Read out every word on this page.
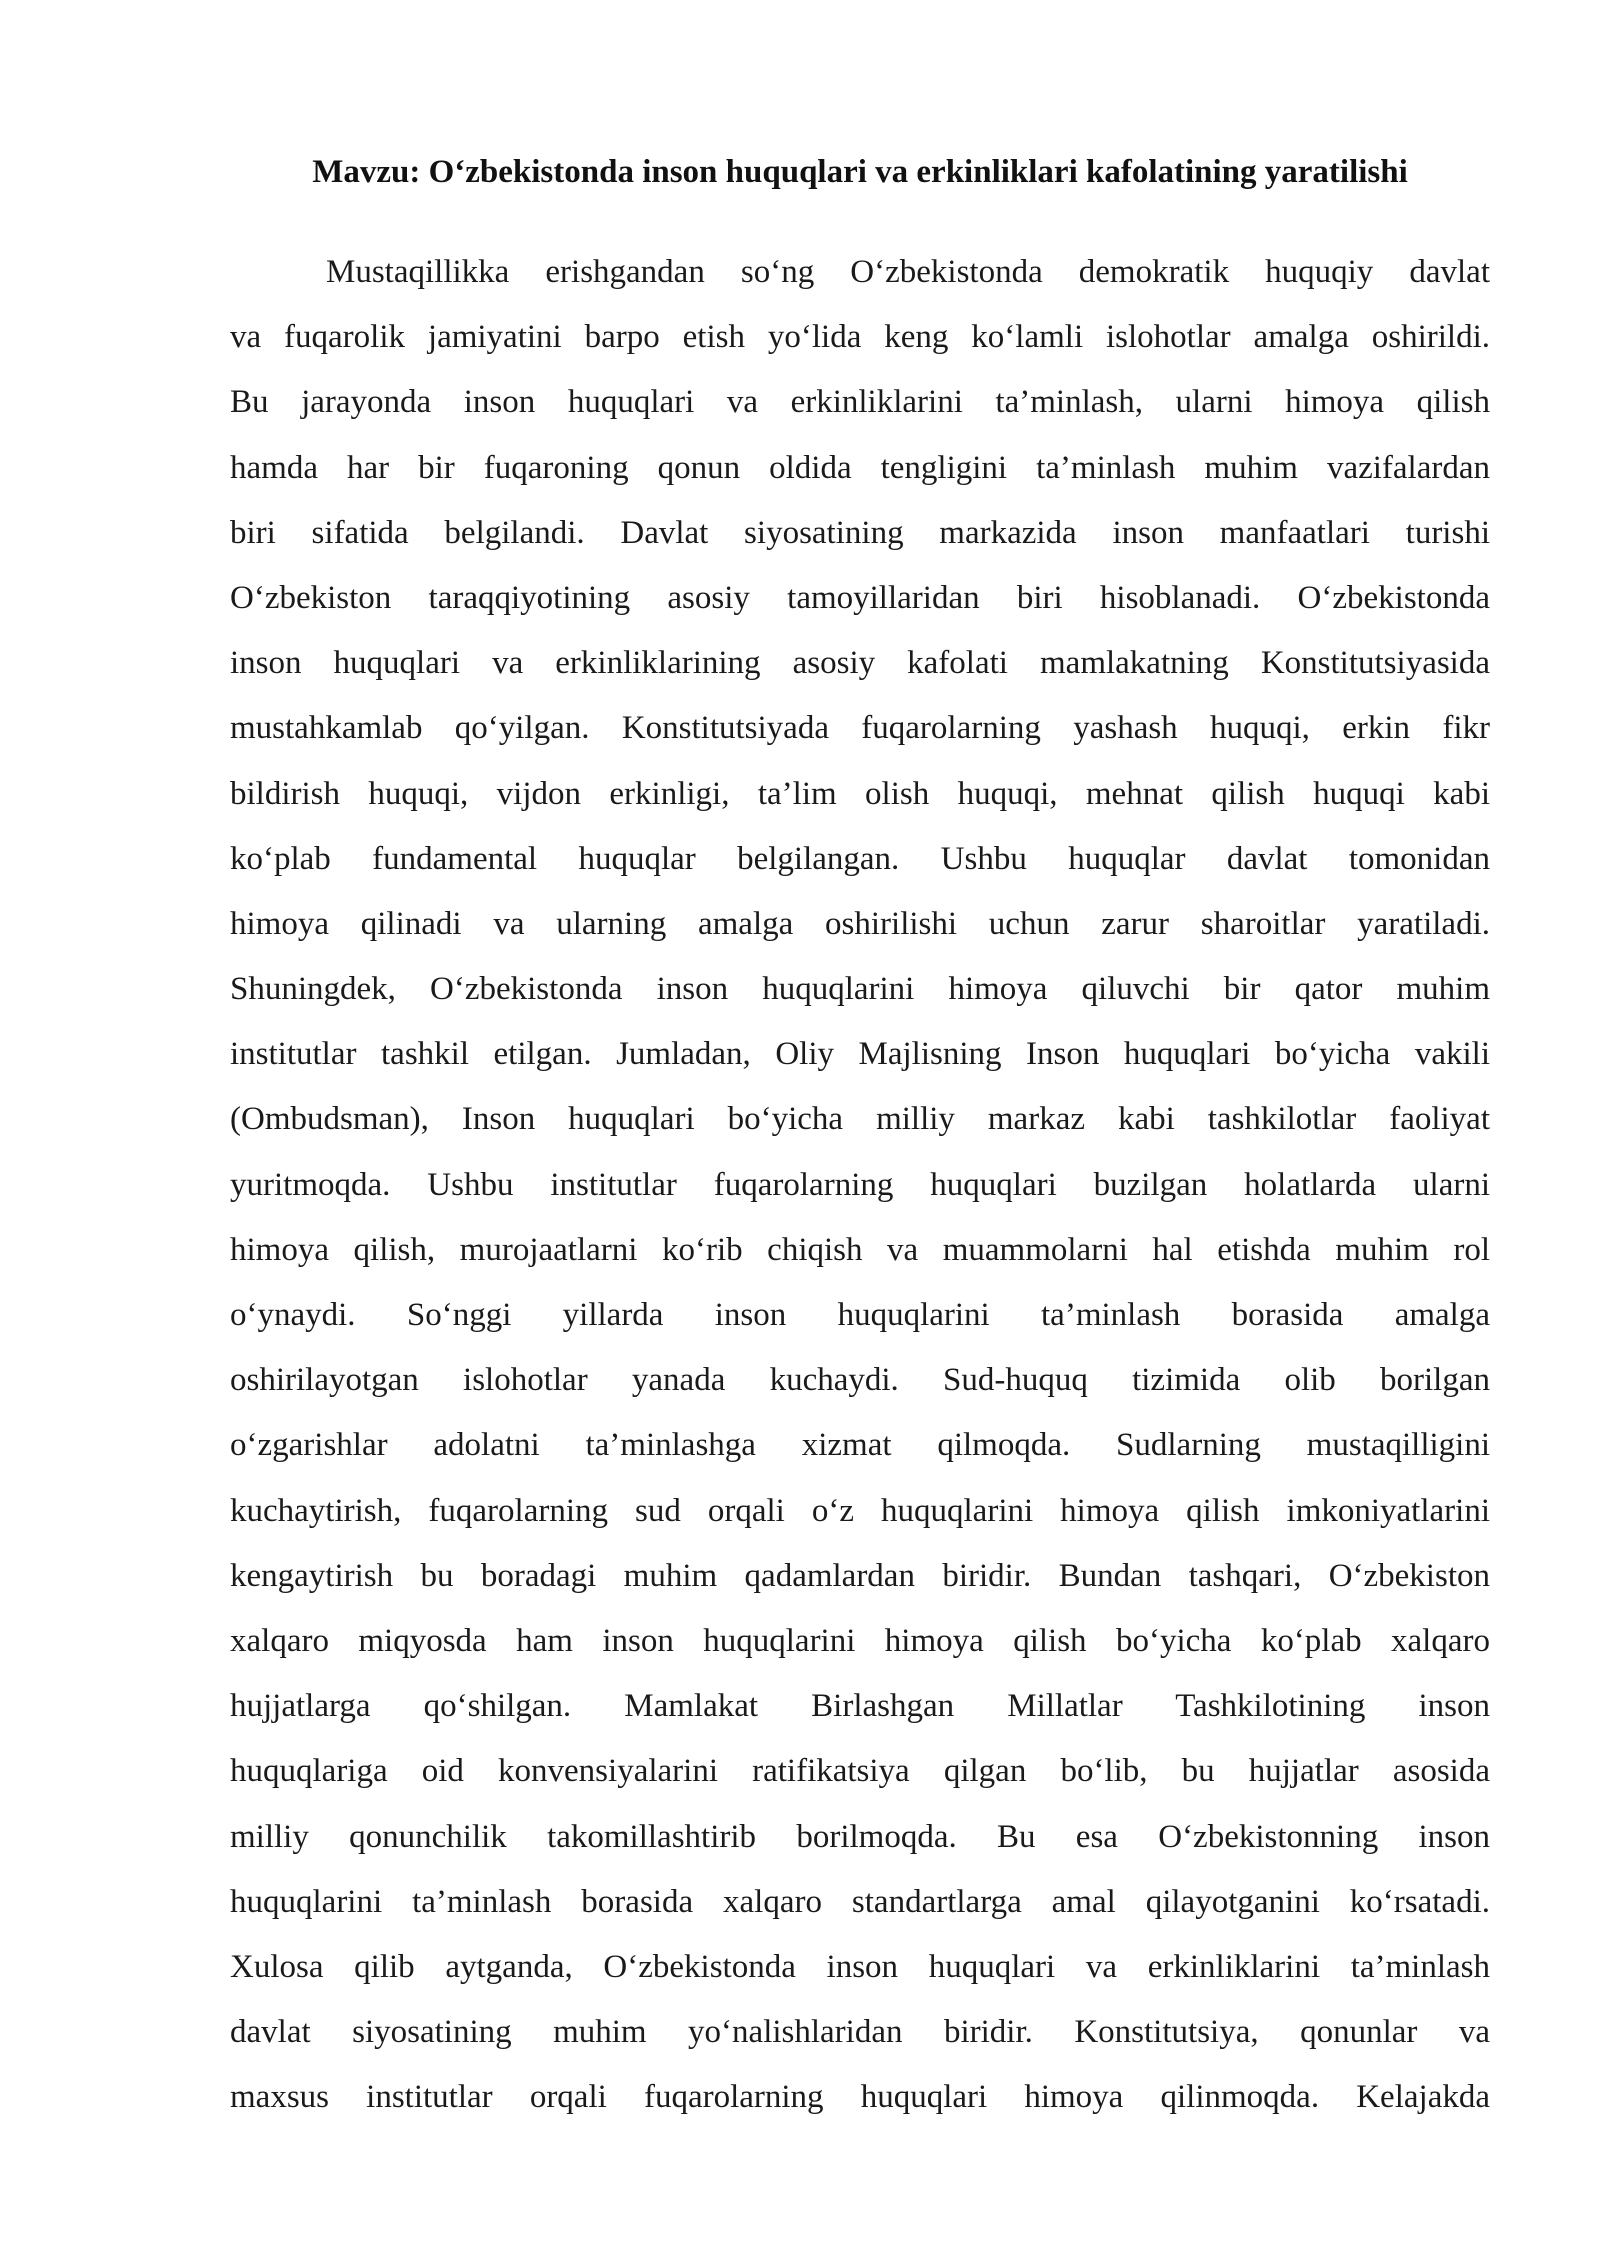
Mavzu: O‘zbekistonda inson huquqlari va erkinliklari kafolatining yaratilishi
Mustaqillikka erishgandan so‘ng O‘zbekistonda demokratik huquqiy davlat
va fuqarolik jamiyatini barpo etish yo‘lida keng ko‘lamli islohotlar amalga oshirildi.
Bu jarayonda inson huquqlari va erkinliklarini ta’minlash, ularni himoya qilish
hamda har bir fuqaroning qonun oldida tengligini ta’minlash muhim vazifalardan
biri sifatida belgilandi. Davlat siyosatining markazida inson manfaatlari turishi
O‘zbekiston taraqqiyotining asosiy tamoyillaridan biri hisoblanadi. O‘zbekistonda
inson huquqlari va erkinliklarining asosiy kafolati mamlakatning Konstitutsiyasida
mustahkamlab qo‘yilgan. Konstitutsiyada fuqarolarning yashash huquqi, erkin fikr
bildirish huquqi, vijdon erkinligi, ta’lim olish huquqi, mehnat qilish huquqi kabi
ko‘plab fundamental huquqlar belgilangan. Ushbu huquqlar davlat tomonidan
himoya qilinadi va ularning amalga oshirilishi uchun zarur sharoitlar yaratiladi.
Shuningdek, O‘zbekistonda inson huquqlarini himoya qiluvchi bir qator muhim
institutlar tashkil etilgan. Jumladan, Oliy Majlisning Inson huquqlari bo‘yicha vakili
(Ombudsman), Inson huquqlari bo‘yicha milliy markaz kabi tashkilotlar faoliyat
yuritmoqda. Ushbu institutlar fuqarolarning huquqlari buzilgan holatlarda ularni
himoya qilish, murojaatlarni ko‘rib chiqish va muammolarni hal etishda muhim rol
o‘ynaydi. So‘nggi yillarda inson huquqlarini ta’minlash borasida amalga
oshirilayotgan islohotlar yanada kuchaydi. Sud-huquq tizimida olib borilgan
o‘zgarishlar adolatni ta’minlashga xizmat qilmoqda. Sudlarning mustaqilligini
kuchaytirish, fuqarolarning sud orqali o‘z huquqlarini himoya qilish imkoniyatlarini
kengaytirish bu boradagi muhim qadamlardan biridir. Bundan tashqari, O‘zbekiston
xalqaro miqyosda ham inson huquqlarini himoya qilish bo‘yicha ko‘plab xalqaro
hujjatlarga qo‘shilgan. Mamlakat Birlashgan Millatlar Tashkilotining inson
huquqlariga oid konvensiyalarini ratifikatsiya qilgan bo‘lib, bu hujjatlar asosida
milliy qonunchilik takomillashtirib borilmoqda. Bu esa O‘zbekistonning inson
huquqlarini ta’minlash borasida xalqaro standartlarga amal qilayotganini ko‘rsatadi.
Xulosa qilib aytganda, O‘zbekistonda inson huquqlari va erkinliklarini ta’minlash
davlat siyosatining muhim yo‘nalishlaridan biridir. Konstitutsiya, qonunlar va
maxsus institutlar orqali fuqarolarning huquqlari himoya qilinmoqda. Kelajakda
